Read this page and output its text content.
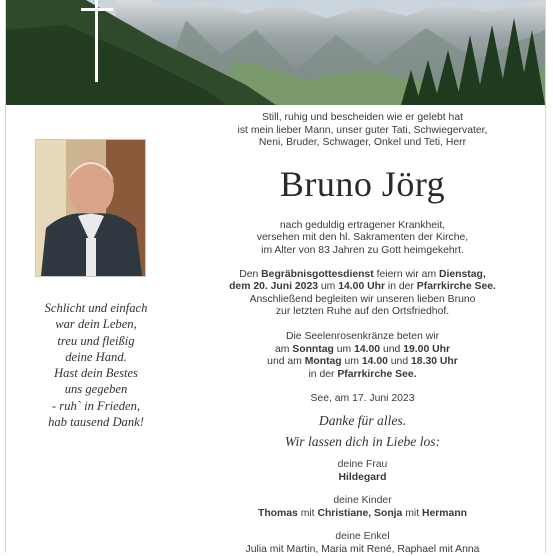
Schlicht und einfach
war dein Leben,
treu und fleißig
deine Hand.
Hast dein Bestes
uns gegeben
- ruh` in Frieden,
hab tausend Dank!
Still, ruhig und bescheiden wie er gelebt hat
ist mein lieber Mann, unser guter Tati, Schwiegervater,
Neni, Bruder, Schwager, Onkel und Teti, Herr
Bruno Jörg
nach geduldig ertragener Krankheit,
versehen mit den hl. Sakramenten der Kirche,
im Alter von 83 Jahren zu Gott heimgekehrt.
Den Begräbnisgottesdienst feiern wir am Dienstag,
dem 20. Juni 2023 um 14.00 Uhr in der Pfarrkirche See.
Anschließend begleiten wir unseren lieben Bruno
zur letzten Ruhe auf den Ortsfriedhof.
Die Seelenrosenkränze beten wir
am Sonntag um 14.00 und 19.00 Uhr
und am Montag um 14.00 und 18.30 Uhr
in der Pfarrkirche See.
See, am 17. Juni 2023
Danke für alles.
Wir lassen dich in Liebe los:
deine Frau
Hildegard
deine Kinder
Thomas mit Christiane, Sonja mit Hermann
deine Enkel
Julia mit Martin, Maria mit René, Raphael mit Anna
